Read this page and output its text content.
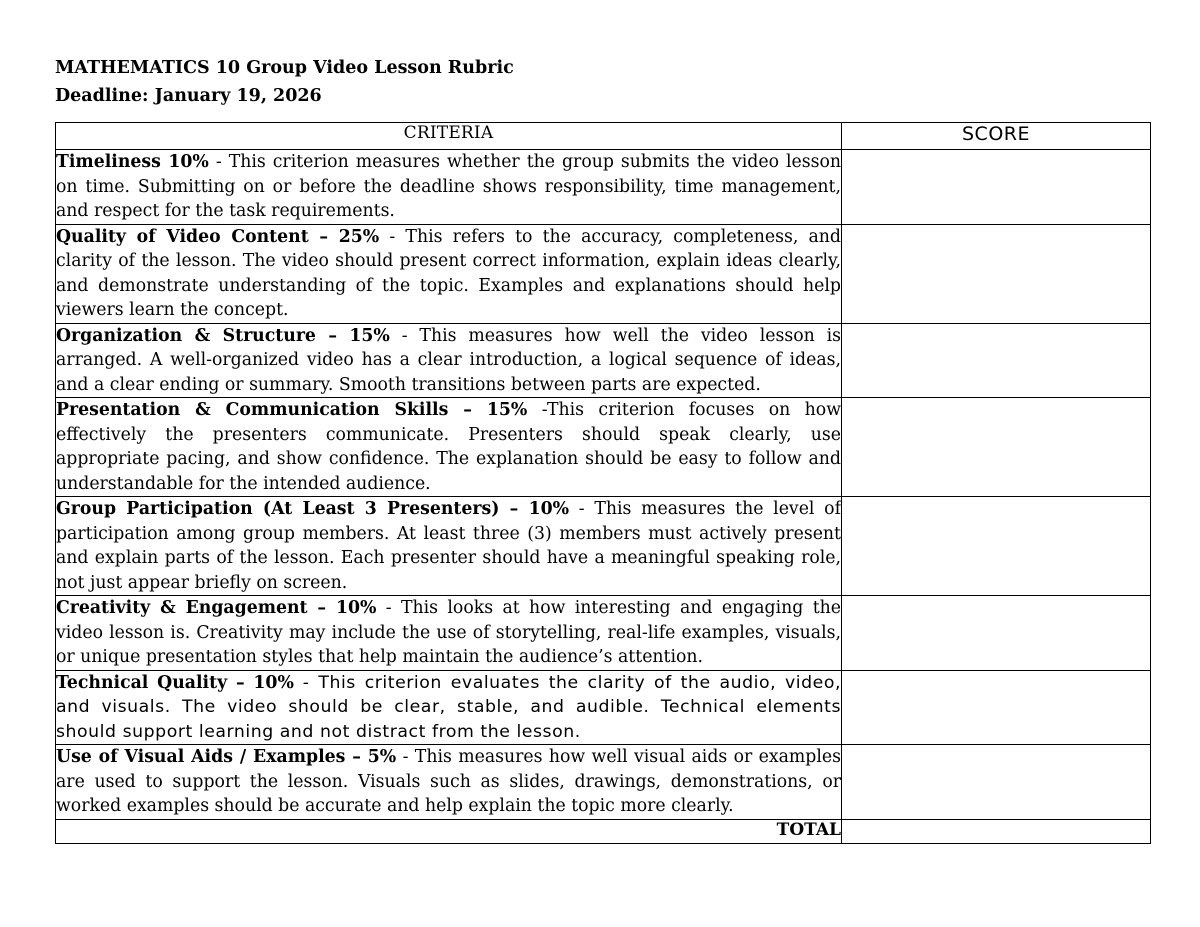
MATHEMATICS 10 Group Video Lesson Rubric
Deadline: January 19, 2026
CRITERIA	SCORE
Timeliness 10% - This criterion measures whether the group submits the video lesson on time. Submitting on or before the deadline shows responsibility, time management, and respect for the task requirements.	
Quality of Video Content – 25% - This refers to the accuracy, completeness, and clarity of the lesson. The video should present correct information, explain ideas clearly, and demonstrate understanding of the topic. Examples and explanations should help viewers learn the concept.	
Organization & Structure – 15% - This measures how well the video lesson is arranged. A well-organized video has a clear introduction, a logical sequence of ideas, and a clear ending or summary. Smooth transitions between parts are expected.	
Presentation & Communication Skills – 15% -This criterion focuses on how effectively the presenters communicate. Presenters should speak clearly, use appropriate pacing, and show confidence. The explanation should be easy to follow and understandable for the intended audience.	
Group Participation (At Least 3 Presenters) – 10% - This measures the level of participation among group members. At least three (3) members must actively present and explain parts of the lesson. Each presenter should have a meaningful speaking role, not just appear briefly on screen.	
Creativity & Engagement – 10% - This looks at how interesting and engaging the video lesson is. Creativity may include the use of storytelling, real-life examples, visuals, or unique presentation styles that help maintain the audience’s attention.	
Technical Quality – 10% - This criterion evaluates the clarity of the audio, video, and visuals. The video should be clear, stable, and audible. Technical elements should support learning and not distract from the lesson.	
Use of Visual Aids / Examples – 5% - This measures how well visual aids or examples are used to support the lesson. Visuals such as slides, drawings, demonstrations, or worked examples should be accurate and help explain the topic more clearly.	
TOTAL	
